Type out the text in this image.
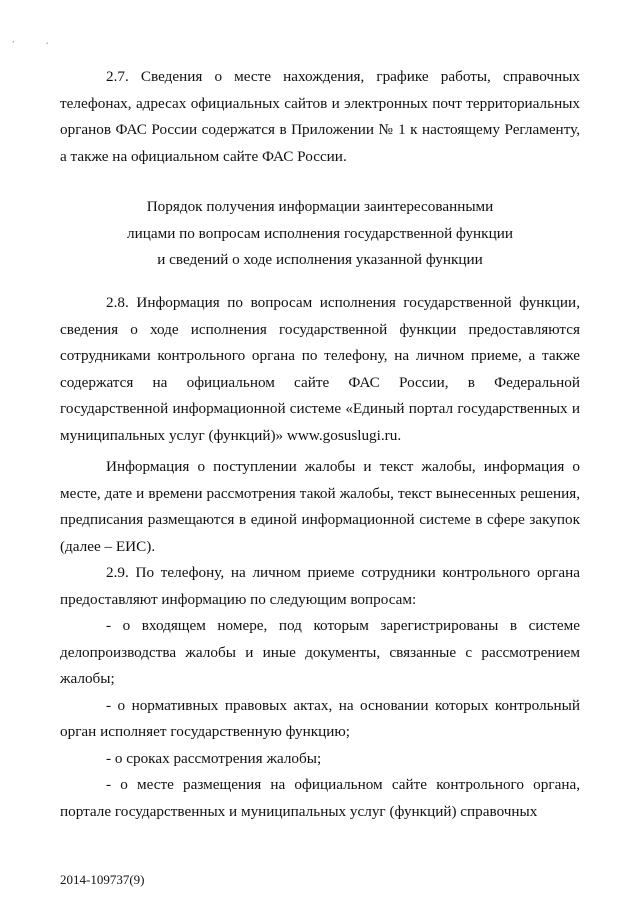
’	‘

2.7. Сведения о месте нахождения, графике работы, справочных телефонах, адресах официальных сайтов и электронных почт территориальных органов ФАС России содержатся в Приложении № 1 к настоящему Регламенту, а также на официальном сайте ФАС России.

Порядок получения информации заинтересованными
лицами по вопросам исполнения государственной функции
и сведений о ходе исполнения указанной функции

2.8. Информация по вопросам исполнения государственной функции, сведения о ходе исполнения государственной функции предоставляются сотрудниками контрольного органа по телефону, на личном приеме, а также содержатся на официальном сайте ФАС России, в Федеральной государственной информационной системе «Единый портал государственных и муниципальных услуг (функций)» www.gosuslugi.ru.

Информация о поступлении жалобы и текст жалобы, информация о месте, дате и времени рассмотрения такой жалобы, текст вынесенных решения, предписания размещаются в единой информационной системе в сфере закупок (далее – ЕИС).

2.9. По телефону, на личном приеме сотрудники контрольного органа предоставляют информацию по следующим вопросам:

- о входящем номере, под которым зарегистрированы в системе делопроизводства жалобы и иные документы, связанные с рассмотрением жалобы;

- о нормативных правовых актах, на основании которых контрольный орган исполняет государственную функцию;

- о сроках рассмотрения жалобы;

- о месте размещения на официальном сайте контрольного органа, портале государственных и муниципальных услуг (функций) справочных

2014-109737(9)
